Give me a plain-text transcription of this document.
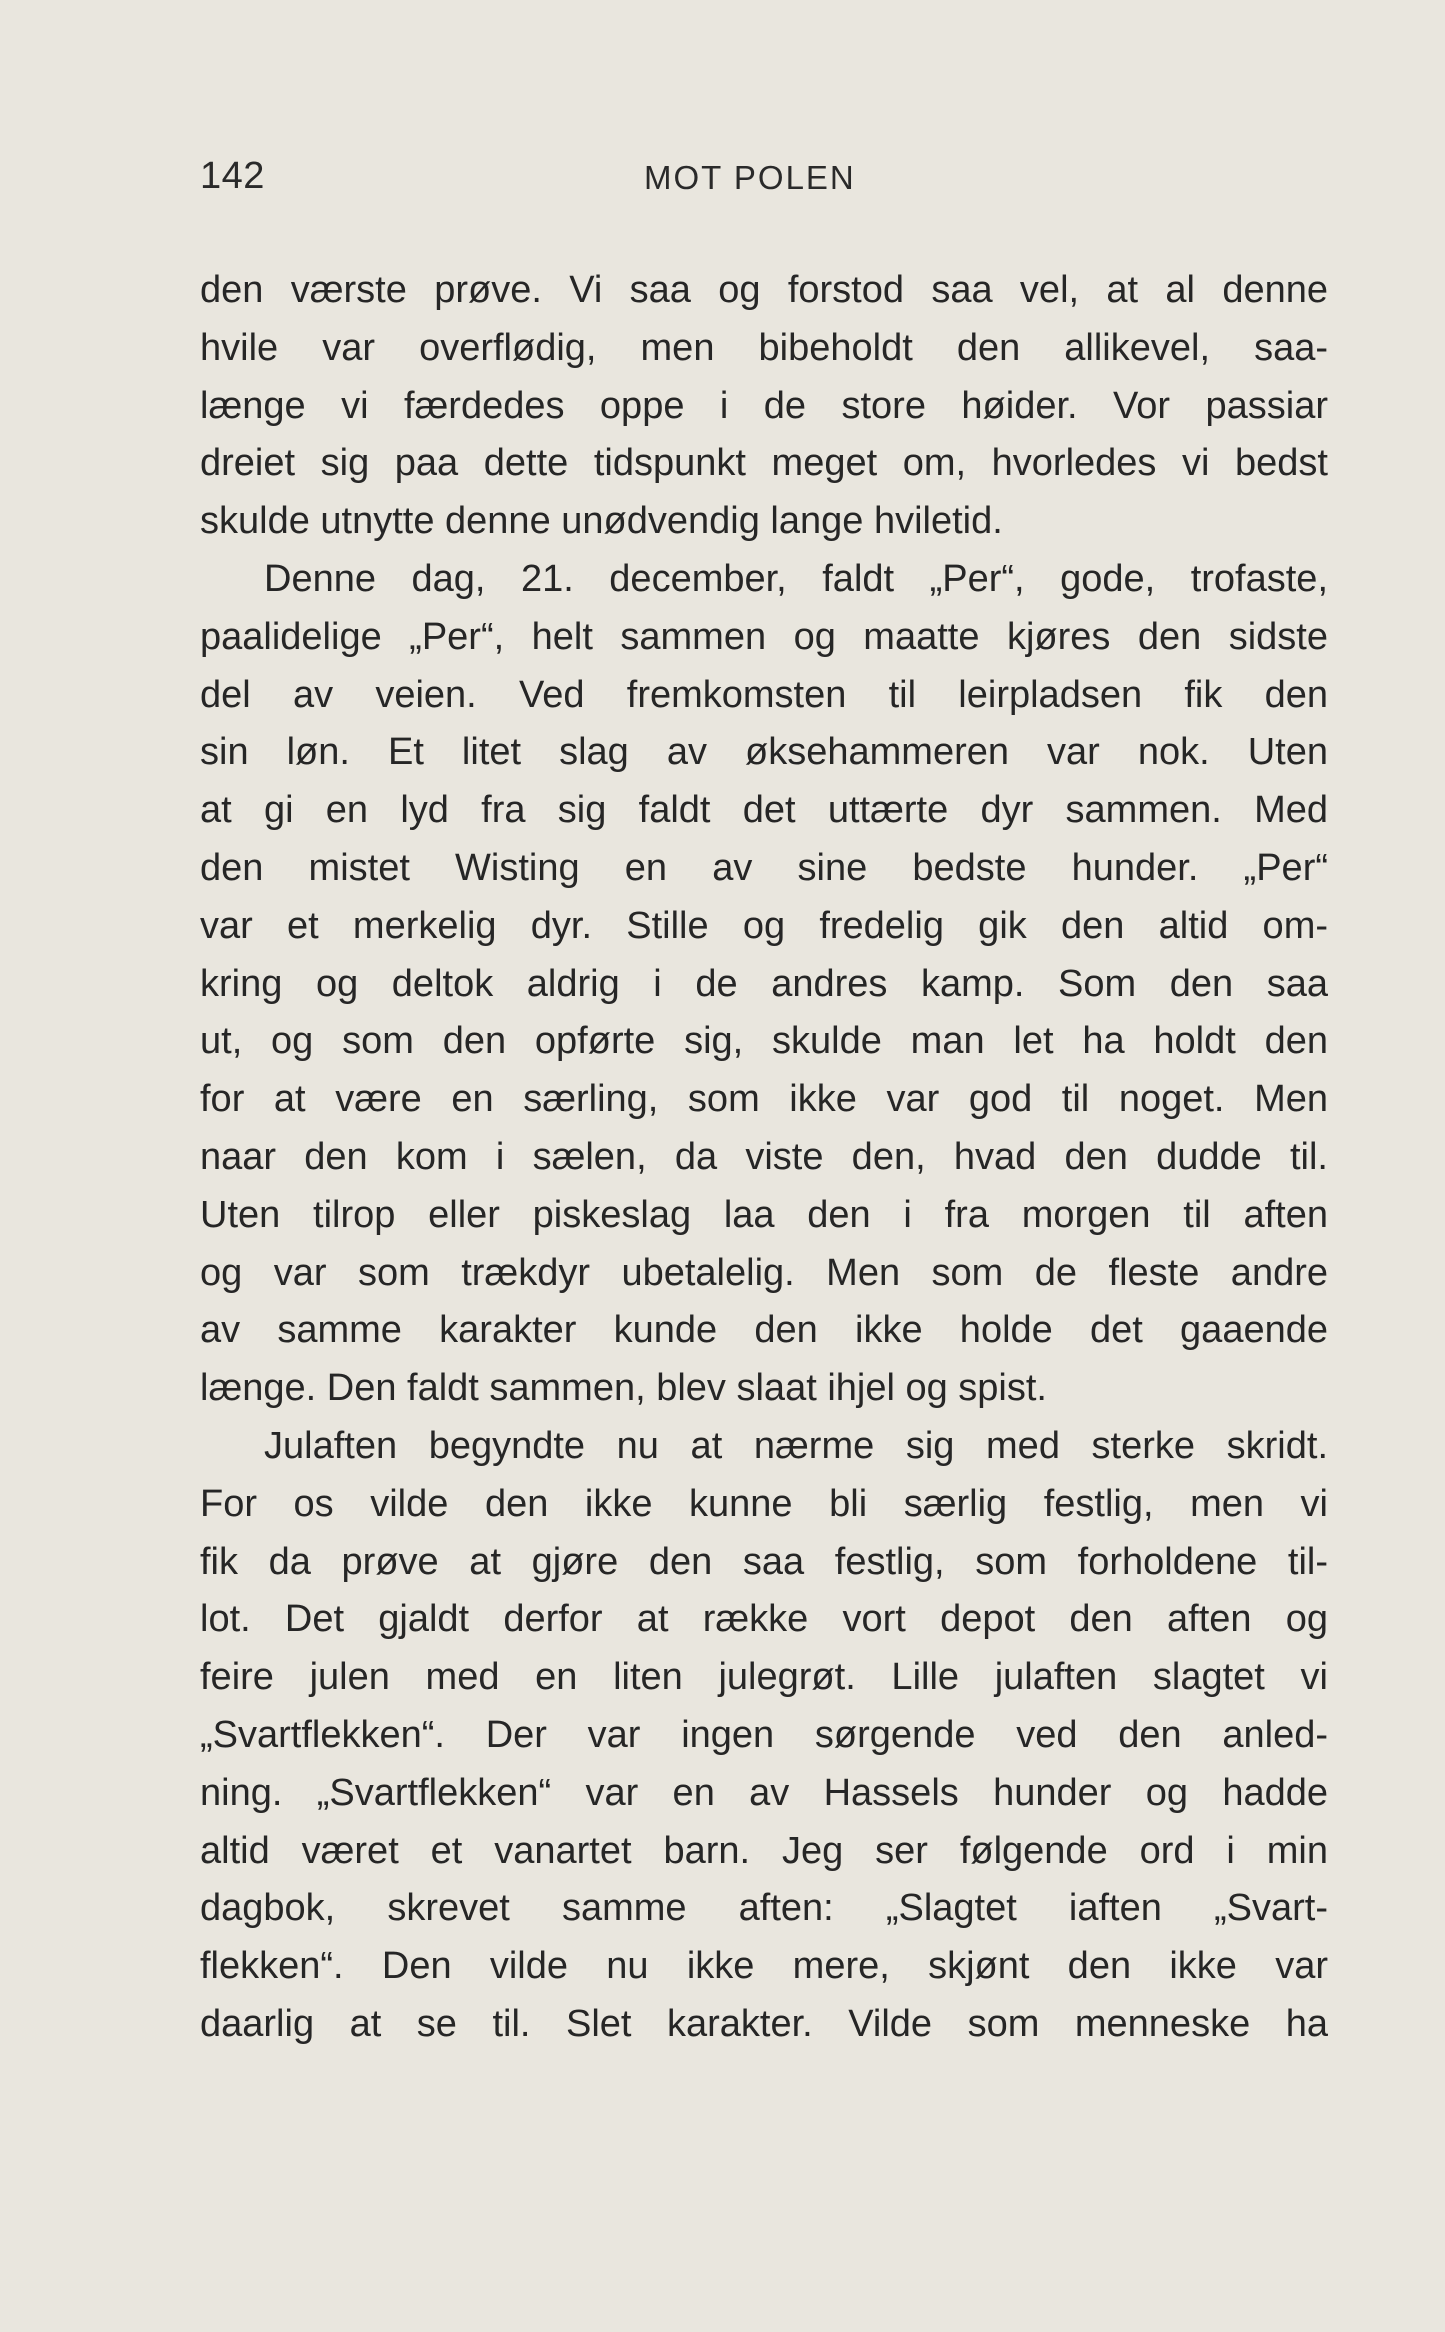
142	MOT POLEN
den værste prøve. Vi saa og forstod saa vel, at al denne
hvile var overflødig, men bibeholdt den allikevel, saa-
længe vi færdedes oppe i de store høider. Vor passiar
dreiet sig paa dette tidspunkt meget om, hvorledes vi bedst
skulde utnytte denne unødvendig lange hviletid.
Denne dag, 21. december, faldt „Per“, gode, trofaste,
paalidelige „Per“, helt sammen og maatte kjøres den sidste
del av veien. Ved fremkomsten til leirpladsen fik den
sin løn. Et litet slag av øksehammeren var nok. Uten
at gi en lyd fra sig faldt det uttærte dyr sammen. Med
den mistet Wisting en av sine bedste hunder. „Per“
var et merkelig dyr. Stille og fredelig gik den altid om-
kring og deltok aldrig i de andres kamp. Som den saa
ut, og som den opførte sig, skulde man let ha holdt den
for at være en særling, som ikke var god til noget. Men
naar den kom i sælen, da viste den, hvad den dudde til.
Uten tilrop eller piskeslag laa den i fra morgen til aften
og var som trækdyr ubetalelig. Men som de fleste andre
av samme karakter kunde den ikke holde det gaaende
længe. Den faldt sammen, blev slaat ihjel og spist.
Julaften begyndte nu at nærme sig med sterke skridt.
For os vilde den ikke kunne bli særlig festlig, men vi
fik da prøve at gjøre den saa festlig, som forholdene til-
lot. Det gjaldt derfor at række vort depot den aften og
feire julen med en liten julegrøt. Lille julaften slagtet vi
„Svartflekken“. Der var ingen sørgende ved den anled-
ning. „Svartflekken“ var en av Hassels hunder og hadde
altid været et vanartet barn. Jeg ser følgende ord i min
dagbok, skrevet samme aften: „Slagtet iaften „Svart-
flekken“. Den vilde nu ikke mere, skjønt den ikke var
daarlig at se til. Slet karakter. Vilde som menneske ha
